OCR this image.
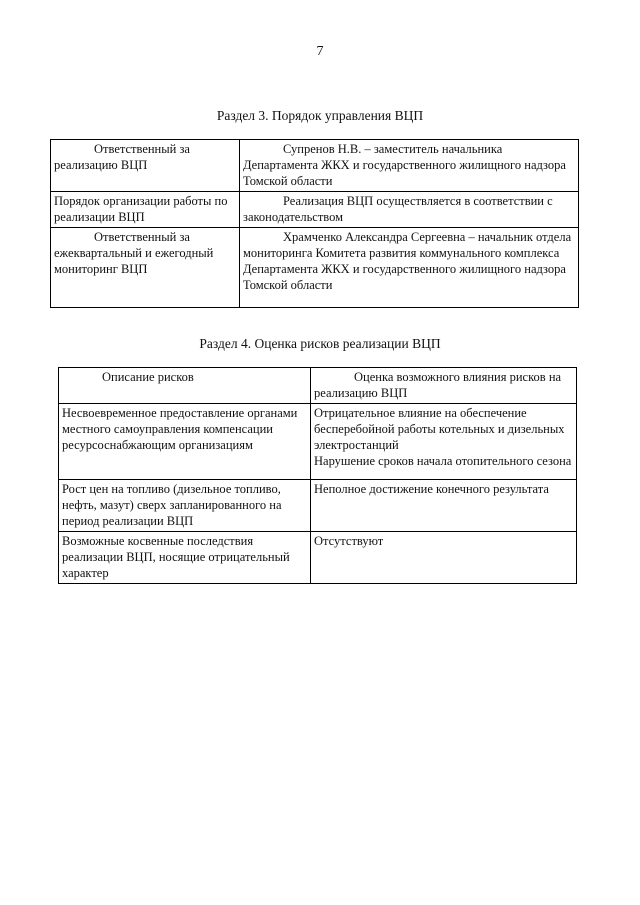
7
Раздел 3. Порядок управления ВЦП
Ответственный за реализацию ВЦП	Супренов Н.В. – заместитель начальника Департамента ЖКХ и государственного жилищного надзора Томской области
Порядок организации работы по реализации ВЦП	Реализация ВЦП осуществляется в соответствии с законодательством
Ответственный за ежеквартальный и ежегодный мониторинг ВЦП	Храмченко Александра Сергеевна – начальник отдела мониторинга Комитета развития коммунального комплекса Департамента ЖКХ и государственного жилищного надзора Томской области
Раздел 4. Оценка рисков реализации ВЦП
Описание рисков	Оценка возможного влияния рисков на реализацию ВЦП
Несвоевременное предоставление органами местного самоуправления компенсации ресурсоснабжающим организациям	Отрицательное влияние на обеспечение бесперебойной работы котельных и дизельных электростанций
Нарушение сроков начала отопительного сезона

Рост цен на топливо (дизельное топливо, нефть, мазут) сверх запланированного на период реализации ВЦП	Неполное достижение конечного результата
Возможные косвенные последствия реализации ВЦП, носящие отрицательный характер	Отсутствуют
